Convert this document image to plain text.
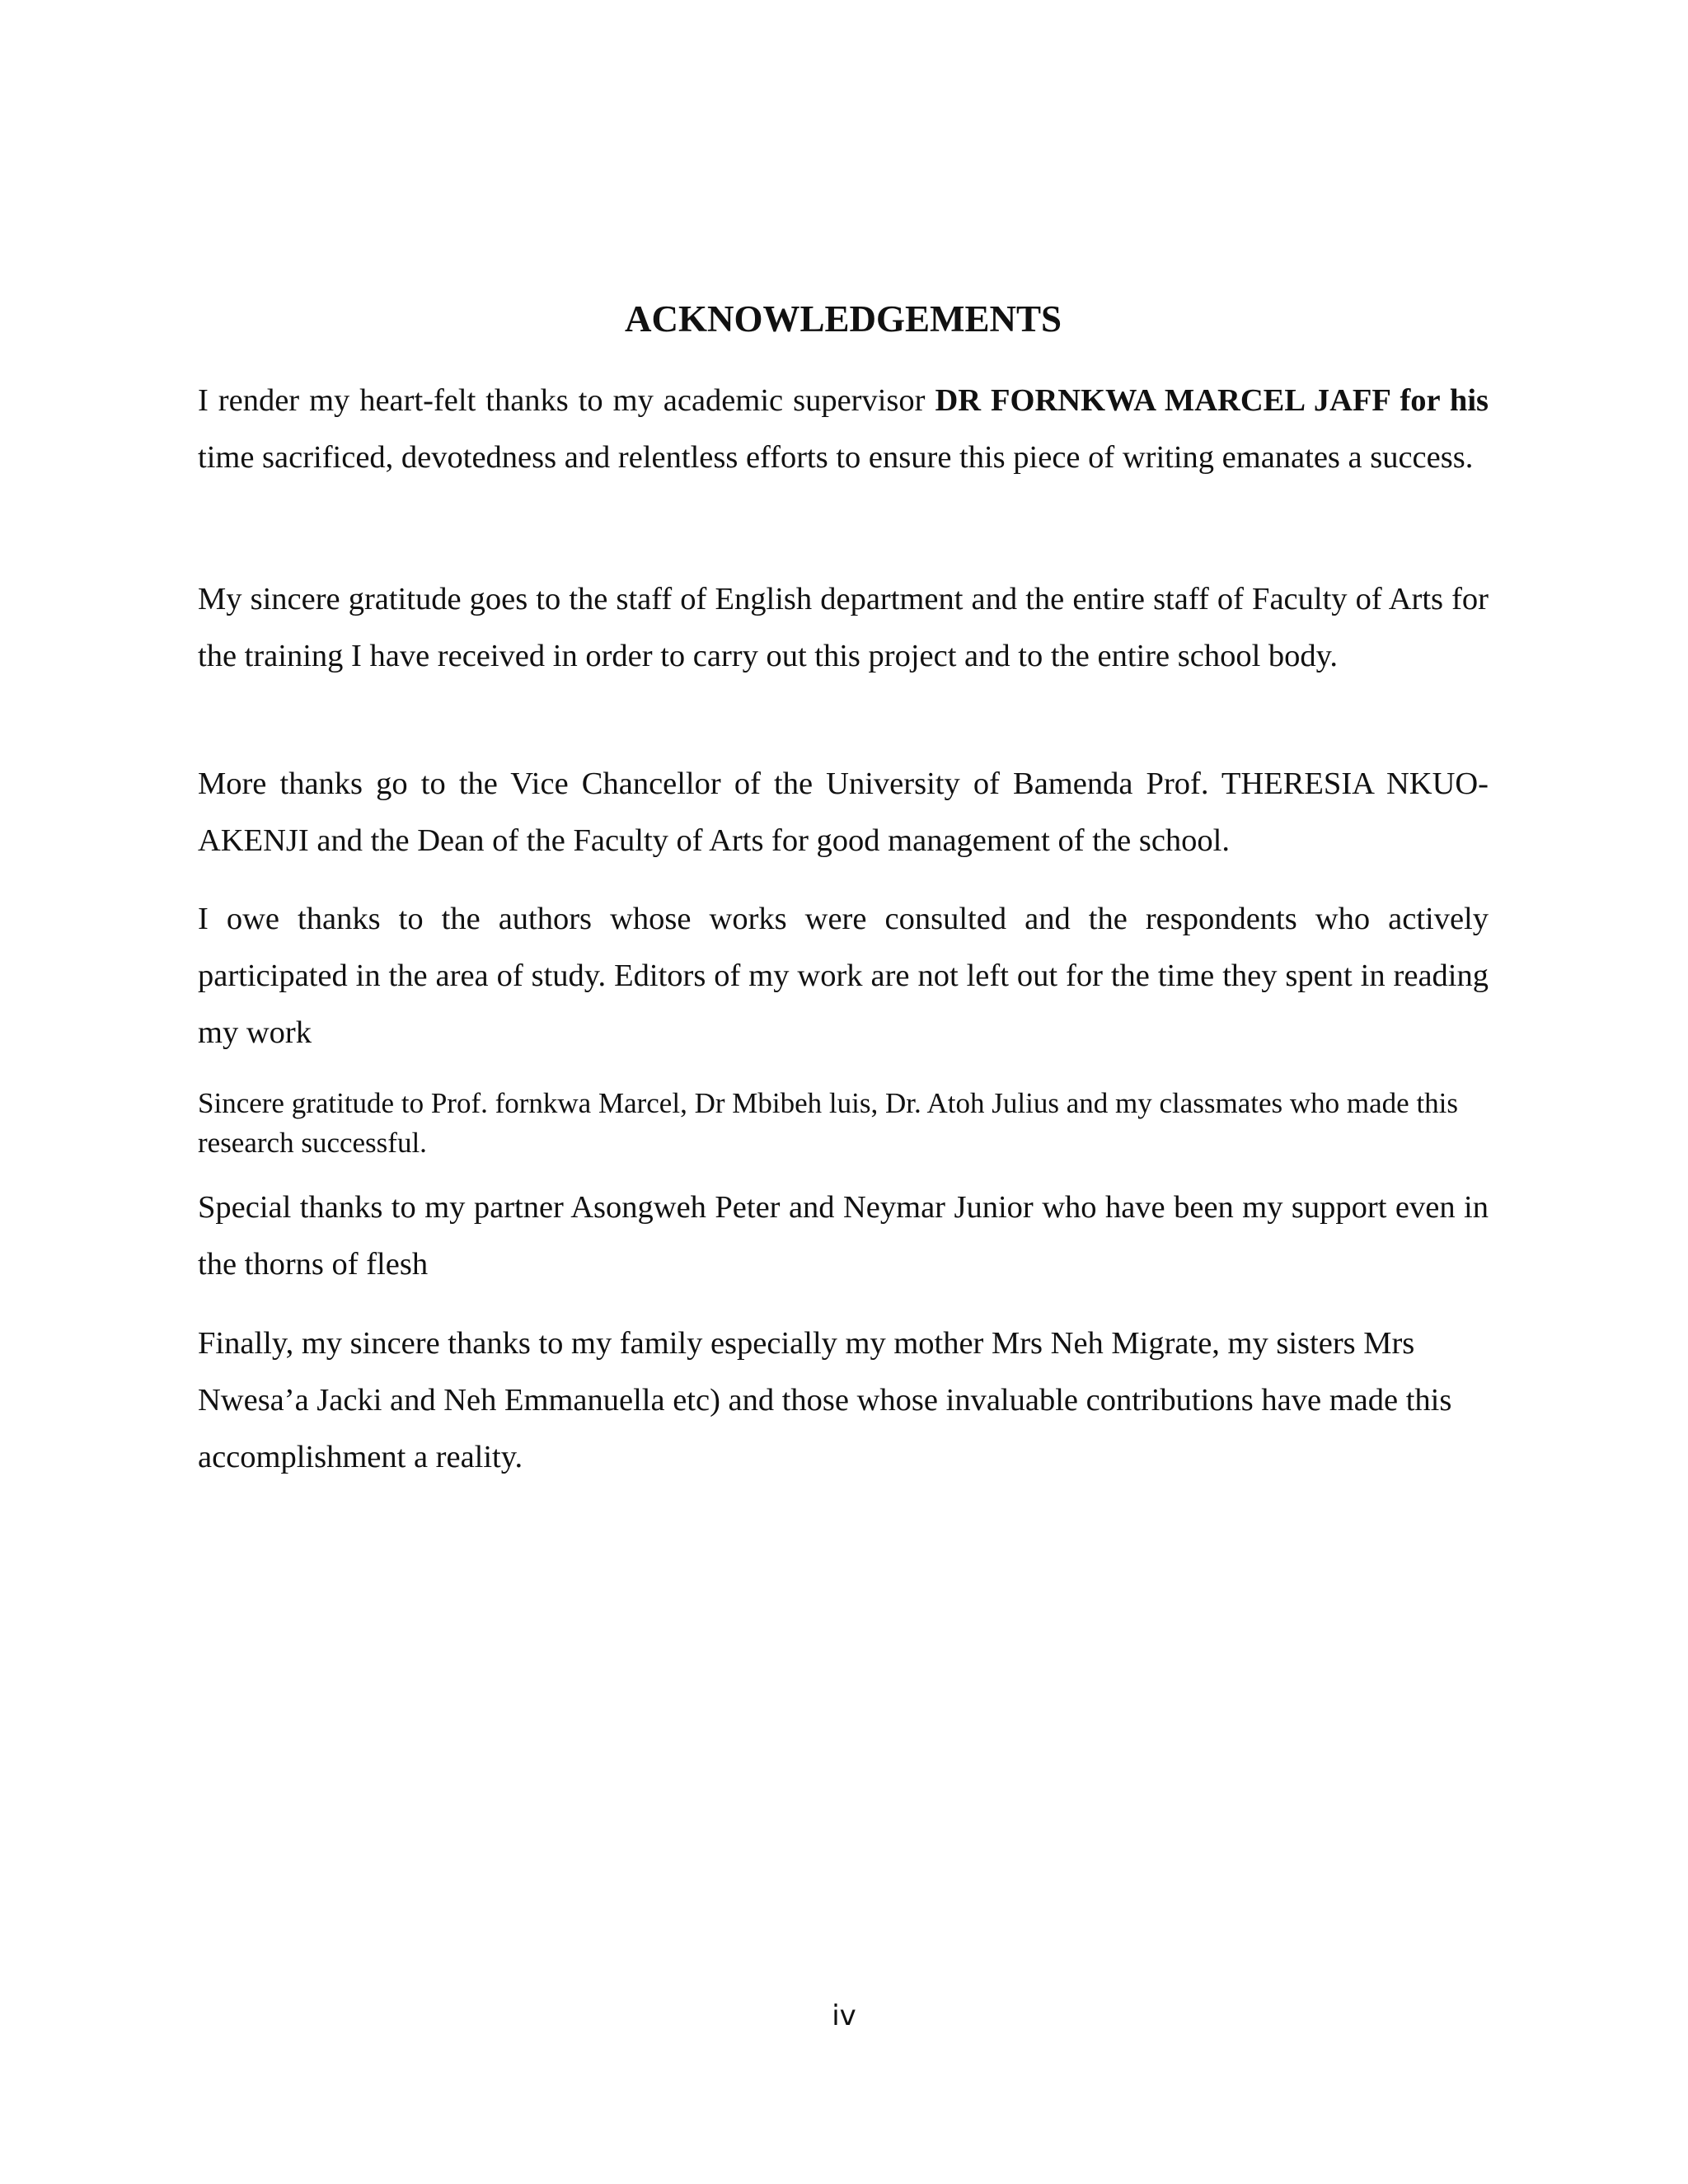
ACKNOWLEDGEMENTS

I render my heart-felt thanks to my academic supervisor DR FORNKWA MARCEL JAFF for his time sacrificed, devotedness and relentless efforts to ensure this piece of writing emanates a success.

My sincere gratitude goes to the staff of English department and the entire staff of Faculty of Arts for the training I have received in order to carry out this project and to the entire school body.

More thanks go to the Vice Chancellor of the University of Bamenda Prof. THERESIA NKUO-AKENJI and the Dean of the Faculty of Arts for good management of the school.

I owe thanks to the authors whose works were consulted and the respondents who actively participated in the area of study. Editors of my work are not left out for the time they spent in reading my work

Sincere gratitude to Prof. fornkwa Marcel, Dr Mbibeh luis, Dr. Atoh Julius and my classmates who made this research successful.

Special thanks to my partner Asongweh Peter and Neymar Junior who have been my support even in the thorns of flesh

Finally, my sincere thanks to my family especially my mother Mrs Neh Migrate, my sisters Mrs Nwesa’a Jacki and Neh Emmanuella etc) and those whose invaluable contributions have made this accomplishment a reality.

iv
